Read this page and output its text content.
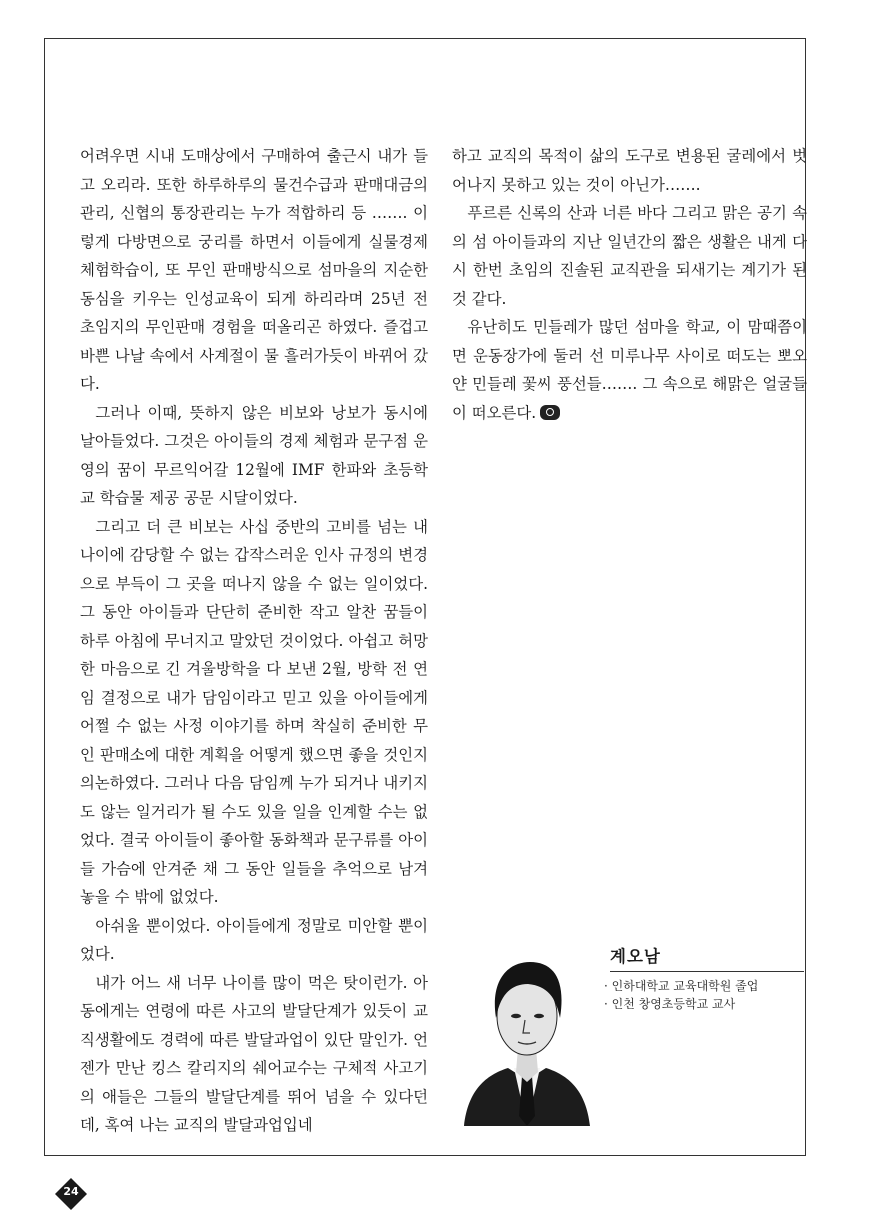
어려우면 시내 도매상에서 구매하여 출근시 내가 들고 오리라. 또한 하루하루의 물건수급과 판매대금의 관리, 신협의 통장관리는 누가 적합하리 등 ……. 이렇게 다방면으로 궁리를 하면서 이들에게 실물경제 체험학습이, 또 무인 판매방식으로 섬마을의 지순한 동심을 키우는 인성교육이 되게 하리라며 25년 전 초임지의 무인판매 경험을 떠올리곤 하였다. 즐겁고 바쁜 나날 속에서 사계절이 물 흘러가듯이 바뀌어 갔다.

그러나 이때, 뜻하지 않은 비보와 낭보가 동시에 날아들었다. 그것은 아이들의 경제 체험과 문구점 운영의 꿈이 무르익어갈 12월에 IMF 한파와 초등학교 학습물 제공 공문 시달이었다.

그리고 더 큰 비보는 사십 중반의 고비를 넘는 내 나이에 감당할 수 없는 갑작스러운 인사 규정의 변경으로 부득이 그 곳을 떠나지 않을 수 없는 일이었다. 그 동안 아이들과 단단히 준비한 작고 알찬 꿈들이 하루 아침에 무너지고 말았던 것이었다. 아쉽고 허망한 마음으로 긴 겨울방학을 다 보낸 2월, 방학 전 연임 결정으로 내가 담임이라고 믿고 있을 아이들에게 어쩔 수 없는 사정 이야기를 하며 착실히 준비한 무인 판매소에 대한 계획을 어떻게 했으면 좋을 것인지 의논하였다. 그러나 다음 담임께 누가 되거나 내키지도 않는 일거리가 될 수도 있을 일을 인계할 수는 없었다. 결국 아이들이 좋아할 동화책과 문구류를 아이들 가슴에 안겨준 채 그 동안 일들을 추억으로 남겨 놓을 수 밖에 없었다.

아쉬울 뿐이었다. 아이들에게 정말로 미안할 뿐이었다.

내가 어느 새 너무 나이를 많이 먹은 탓이런가. 아동에게는 연령에 따른 사고의 발달단계가 있듯이 교직생활에도 경력에 따른 발달과업이 있단 말인가. 언젠가 만난 킹스 칼리지의 쉐어교수는 구체적 사고기의 애들은 그들의 발달단계를 뛰어 넘을 수 있다던데, 혹여 나는 교직의 발달과업입네

하고 교직의 목적이 삶의 도구로 변용된 굴레에서 벗어나지 못하고 있는 것이 아닌가…….

푸르른 신록의 산과 너른 바다 그리고 맑은 공기 속의 섬 아이들과의 지난 일년간의 짧은 생활은 내게 다시 한번 초임의 진솔된 교직관을 되새기는 계기가 된 것 같다.

유난히도 민들레가 많던 섬마을 학교, 이 맘때쯤이면 운동장가에 둘러 선 미루나무 사이로 떠도는 뽀오얀 민들레 꽃씨 풍선들……. 그 속으로 해맑은 얼굴들이 떠오른다.

계오남

· 인하대학교 교육대학원 졸업

· 인천 창영초등학교 교사

24
